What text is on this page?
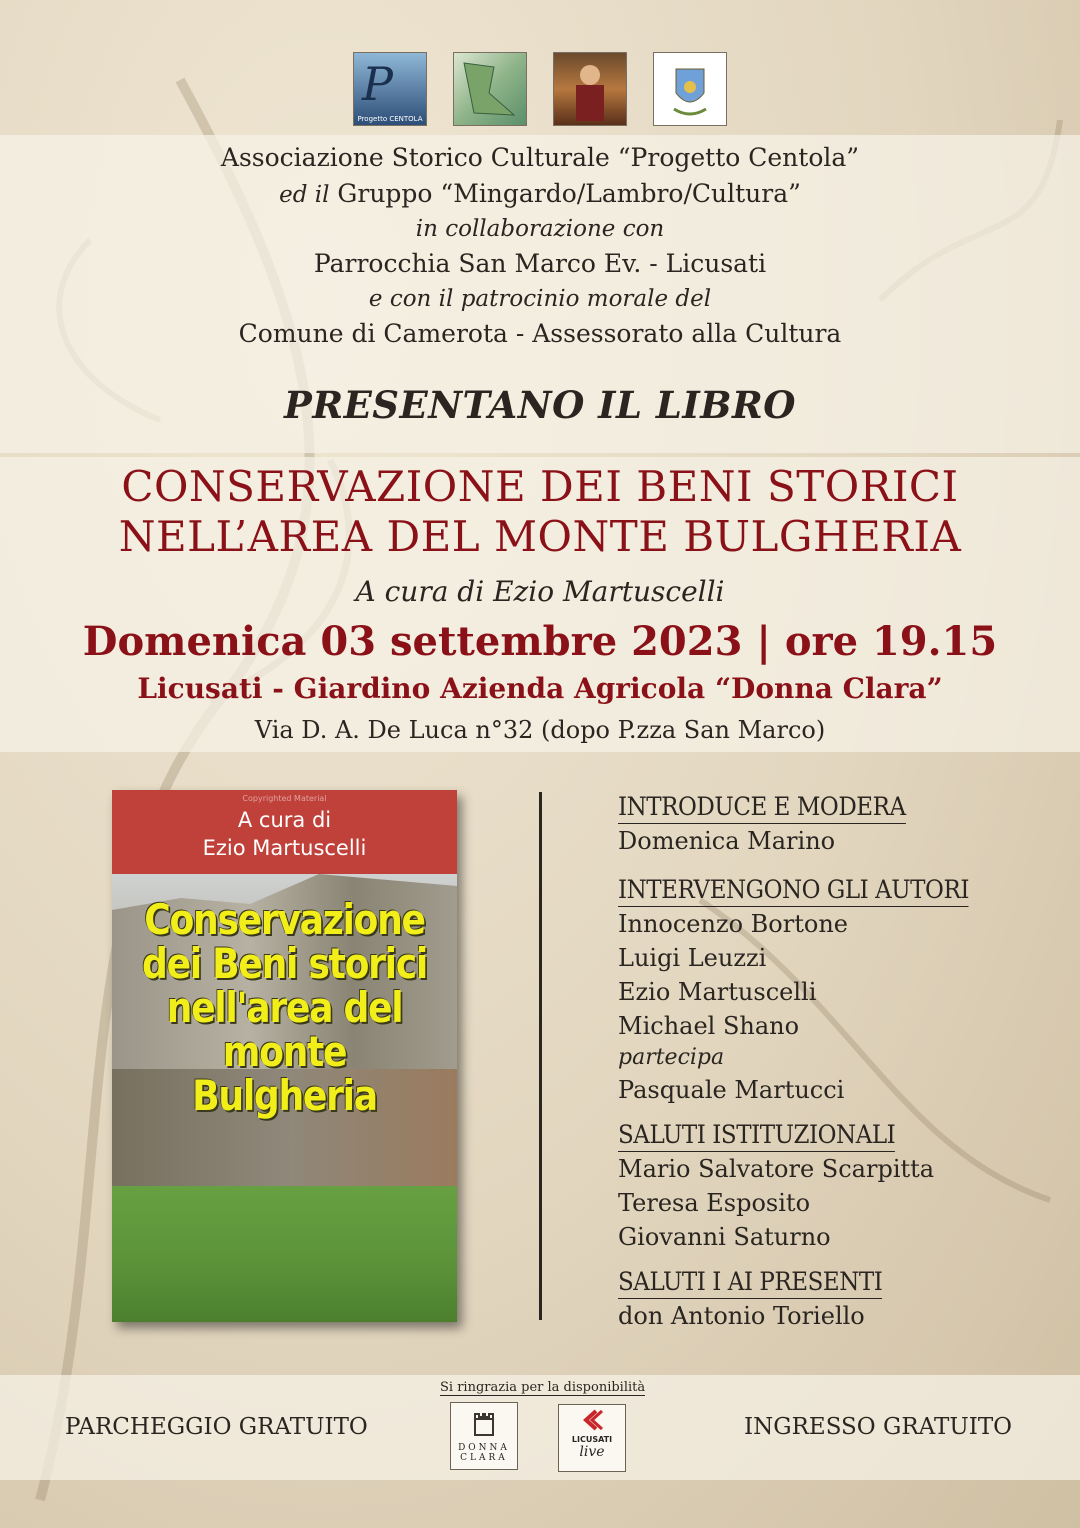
P
Progetto CENTOLA
Associazione Storico Culturale “Progetto Centola”
ed il Gruppo “Mingardo/Lambro/Cultura”
in collaborazione con
Parrocchia San Marco Ev. - Licusati
e con il patrocinio morale del
Comune di Camerota - Assessorato alla Cultura
PRESENTANO IL LIBRO
CONSERVAZIONE DEI BENI STORICI
NELL’AREA DEL MONTE BULGHERIA
A cura di Ezio Martuscelli
Domenica 03 settembre 2023 | ore 19.15
Licusati - Giardino Azienda Agricola “Donna Clara”
Via D. A. De Luca n°32 (dopo P.zza San Marco)
Copyrighted Material
A cura di
Ezio Martuscelli
Conservazione
dei Beni storici
nell'area del
monte
Bulgheria
INTRODUCE E MODERA
Domenica Marino
INTERVENGONO GLI AUTORI
Innocenzo Bortone
Luigi Leuzzi
Ezio Martuscelli
Michael Shano
partecipa
Pasquale Martucci
SALUTI ISTITUZIONALI
Mario Salvatore Scarpitta
Teresa Esposito
Giovanni Saturno
SALUTI I AI PRESENTI
don Antonio Toriello
PARCHEGGIO GRATUITO	INGRESSO GRATUITO
Si ringrazia per la disponibilità
DONNA CLARA
LICUSATI
live
